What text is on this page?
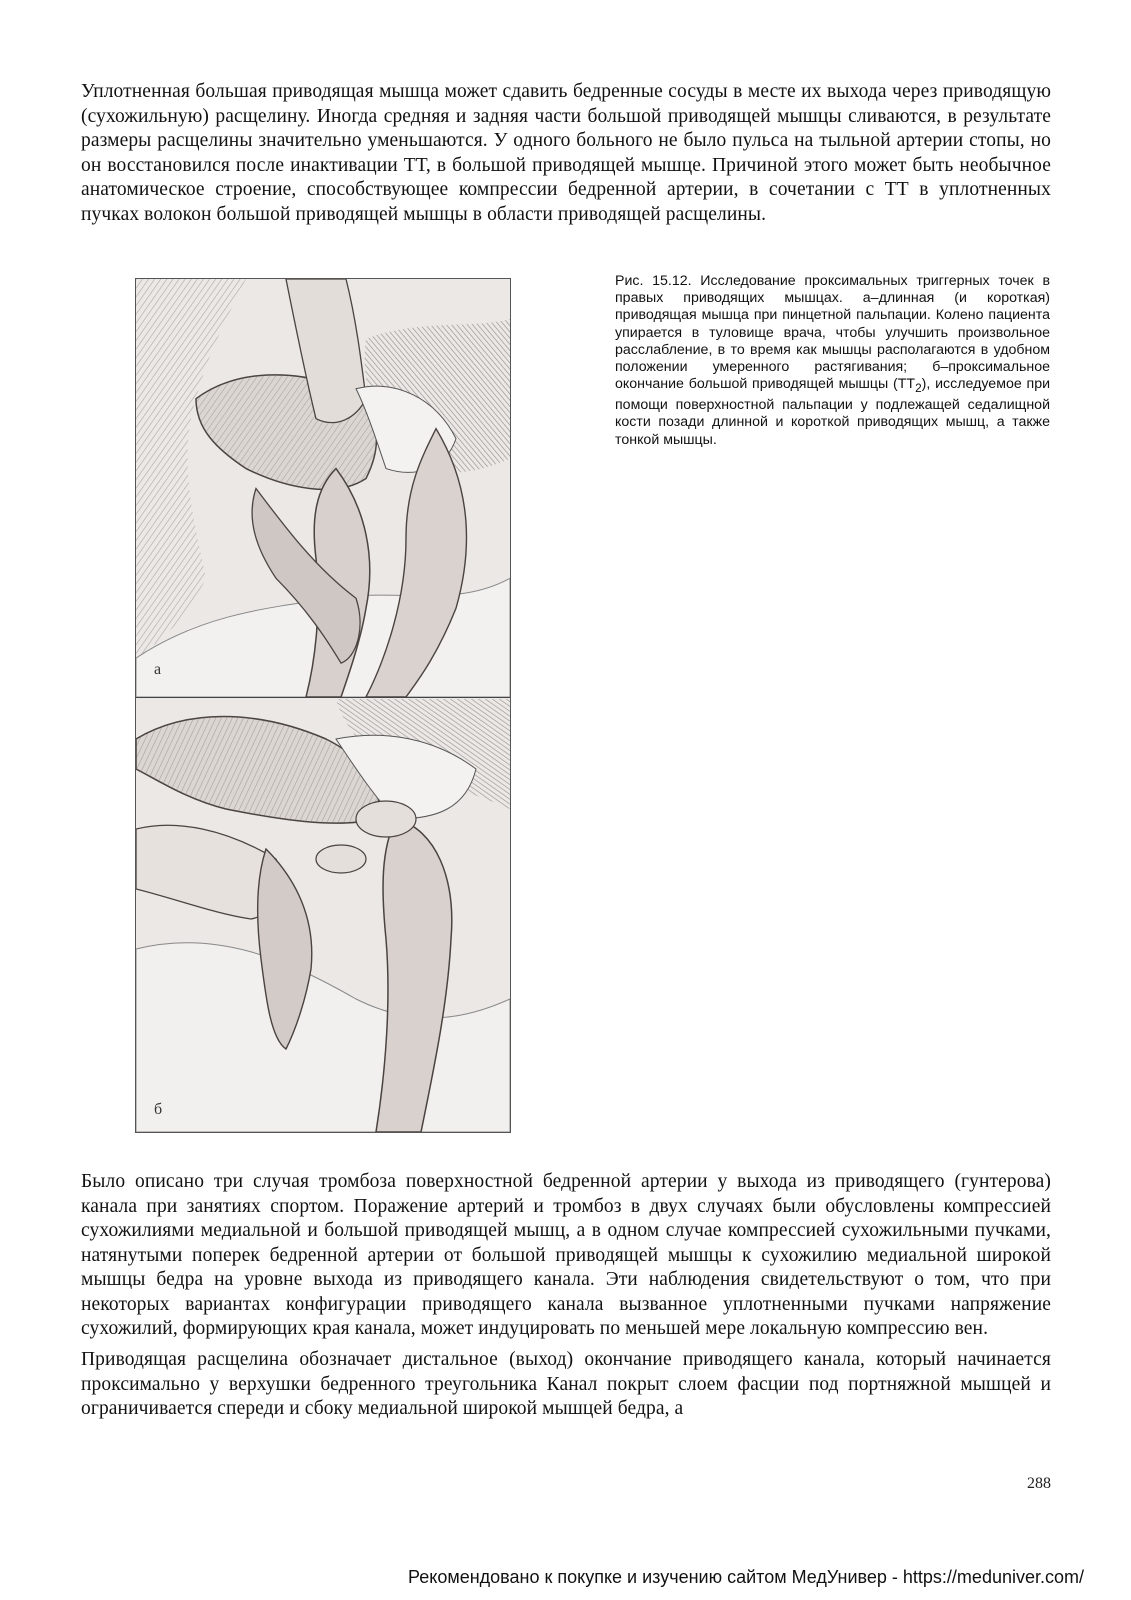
Уплотненная большая приводящая мышца может сдавить бедренные сосуды в месте их выхода через приводящую (сухожильную) расщелину. Иногда средняя и задняя части большой приводящей мышцы сливаются, в результате размеры расщелины значительно уменьшаются. У одного больного не было пульса на тыльной артерии стопы, но он восстановился после инактивации ТТ, в большой приводящей мышце. Причиной этого может быть необычное анатомическое строение, способствующее компрессии бедренной артерии, в сочетании с ТТ в уплотненных пучках волокон большой приводящей мышцы в области приводящей расщелины.

а
б

Рис. 15.12. Исследование проксимальных триггерных точек в правых приводящих мышцах. а–длинная (и короткая) приводящая мышца при пинцетной пальпации. Колено пациента упирается в туловище врача, чтобы улучшить произвольное расслабление, в то время как мышцы располагаются в удобном положении умеренного растягивания; б–проксимальное окончание большой приводящей мышцы $(ТТ_2)$, исследуемое при помощи поверхностной пальпации у подлежащей седалищной кости позади длинной и короткой приводящих мышц, а также тонкой мышцы.

Было описано три случая тромбоза поверхностной бедренной артерии у выхода из приводящего (гунтерова) канала при занятиях спортом. Поражение артерий и тромбоз в двух случаях были обусловлены компрессией сухожилиями медиальной и большой приводящей мышц, а в одном случае компрессией сухожильными пучками, натянутыми поперек бедренной артерии от большой приводящей мышцы к сухожилию медиальной широкой мышцы бедра на уровне выхода из приводящего канала. Эти наблюдения свидетельствуют о том, что при некоторых вариантах конфигурации приводящего канала вызванное уплотненными пучками напряжение сухожилий, формирующих края канала, может индуцировать по меньшей мере локальную компрессию вен.

Приводящая расщелина обозначает дистальное (выход) окончание приводящего канала, который начинается проксимально у верхушки бедренного треугольника Канал покрыт слоем фасции под портняжной мышцей и ограничивается спереди и сбоку медиальной широкой мышцей бедра, а

288
Рекомендовано к покупке и изучению сайтом МедУнивер - https://meduniver.com/
